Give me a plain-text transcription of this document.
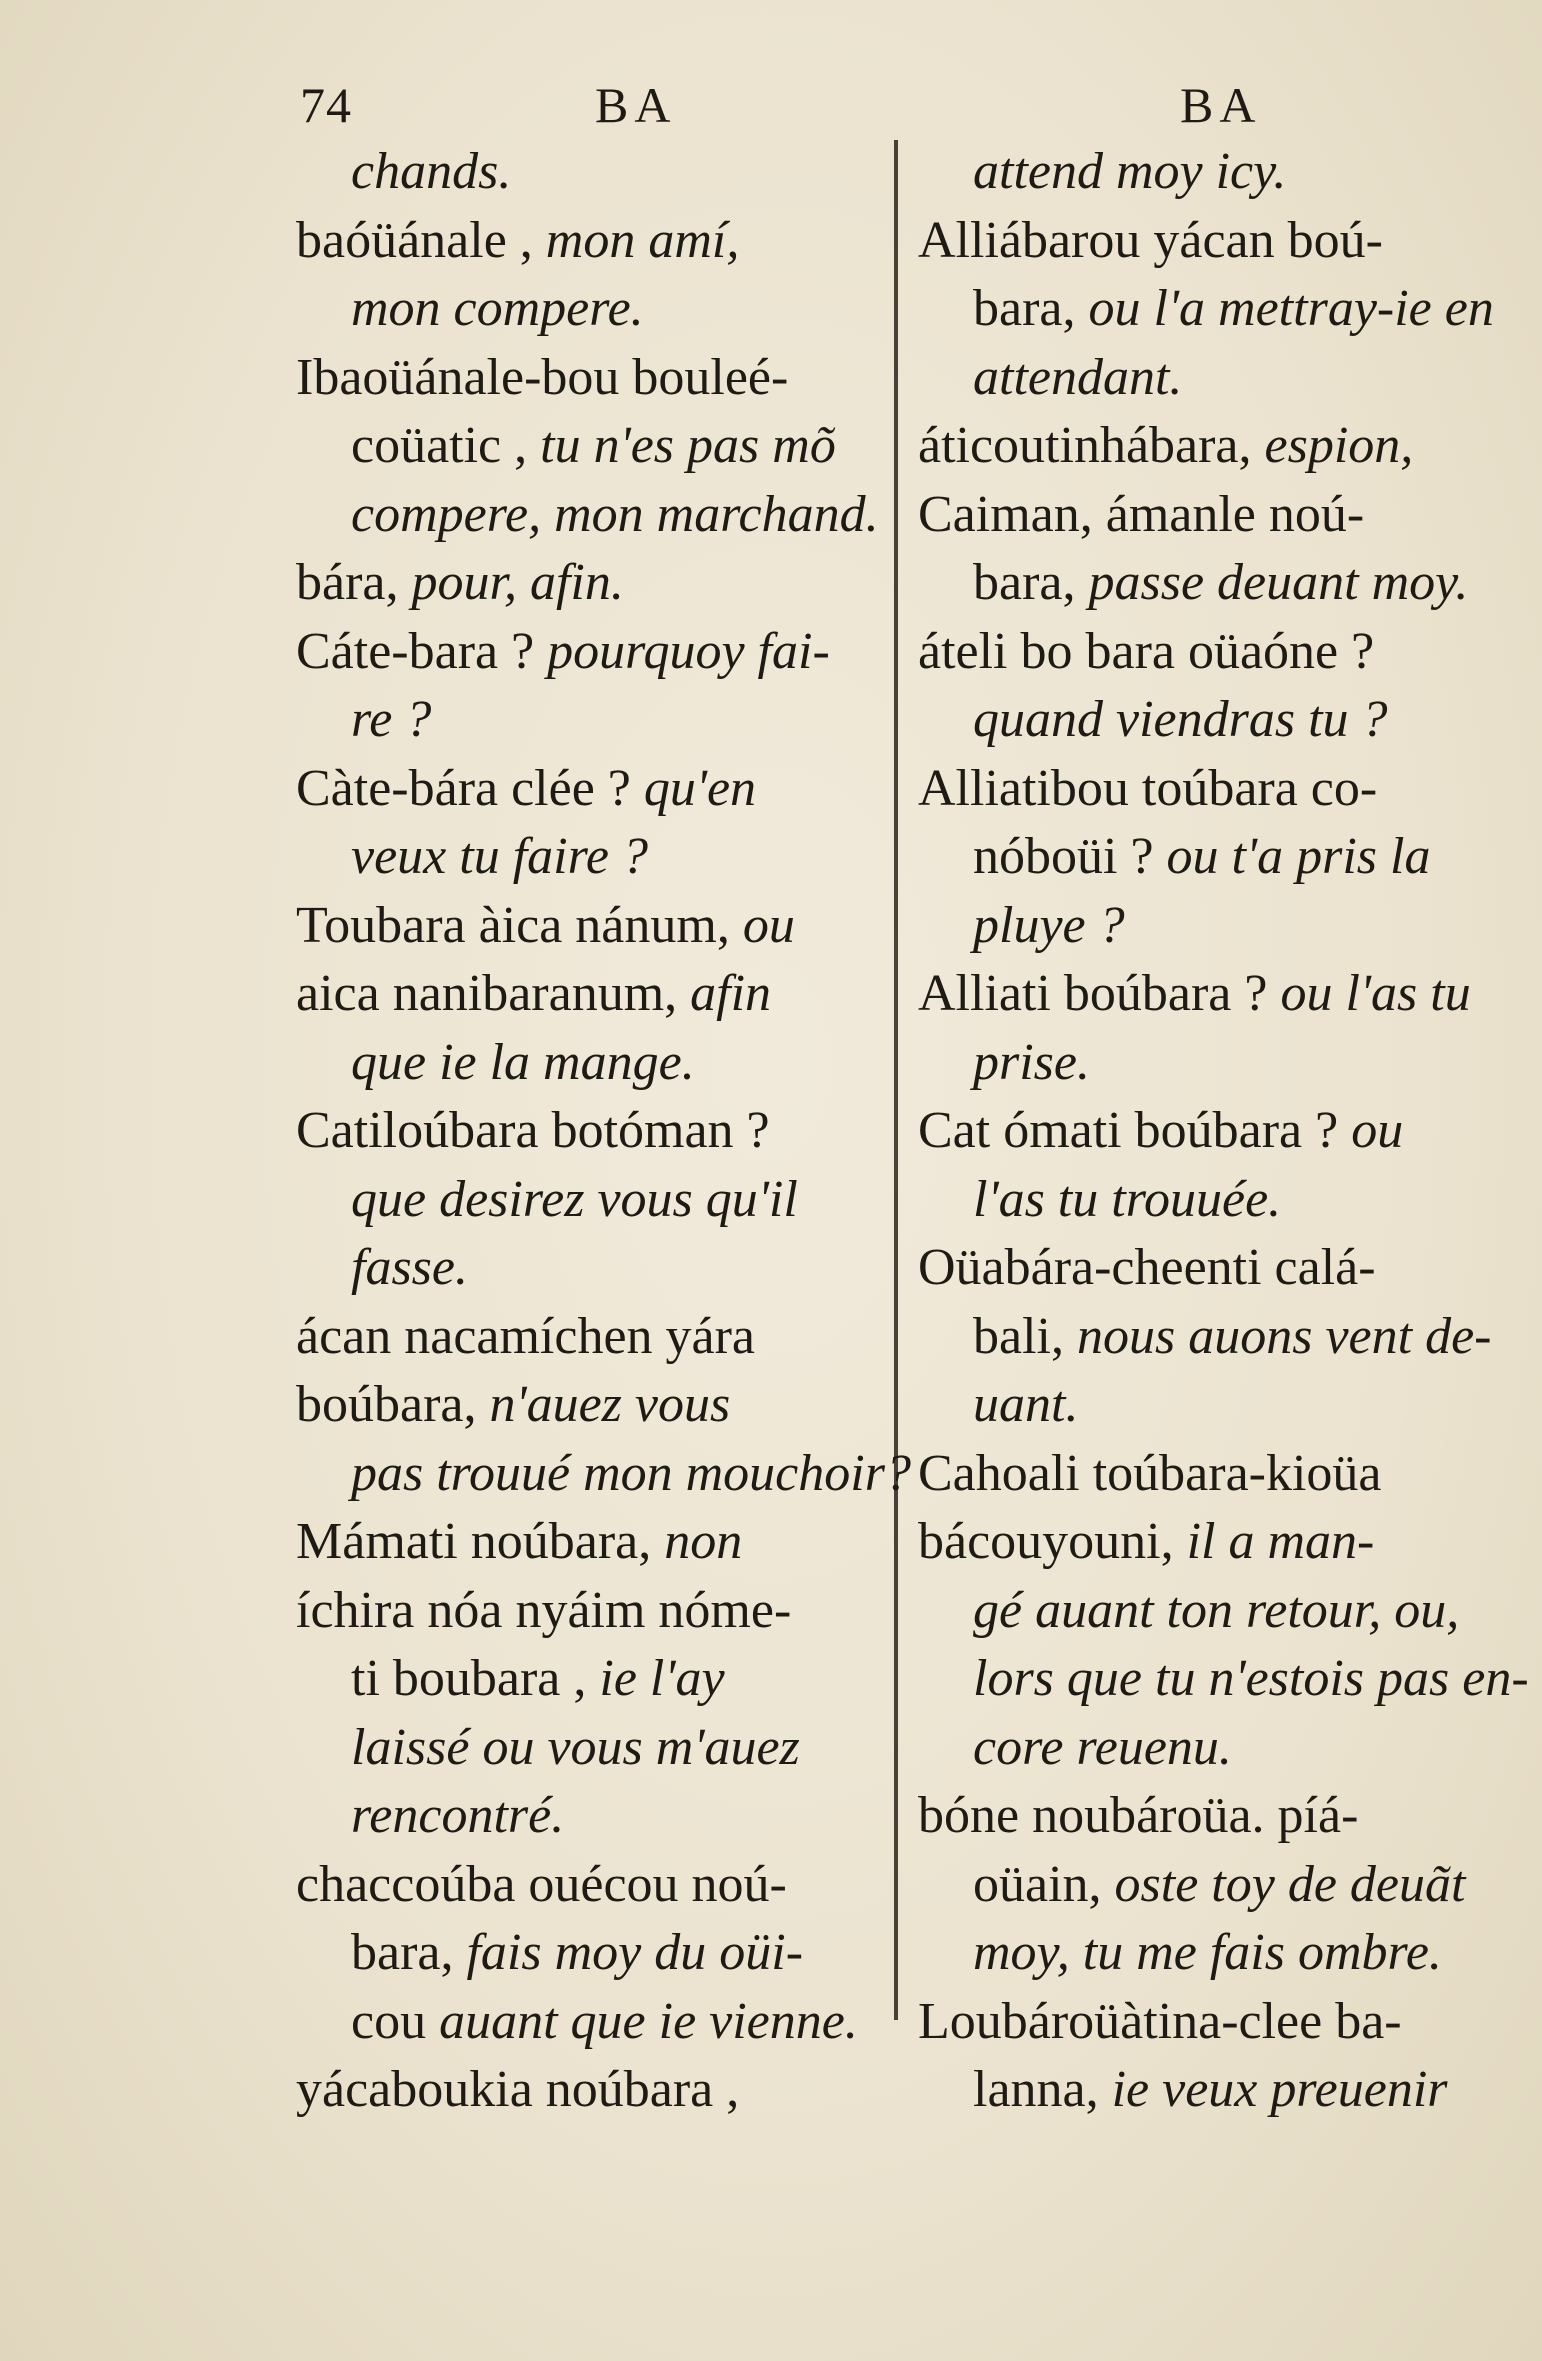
74	BA	BA
chands.
baóüánale , mon amí,
mon compere.
Ibaoüánale-bou bouleé-
coüatic , tu n'es pas mõ
compere, mon marchand.
bára, pour, afin.
Cáte-bara ? pourquoy fai-
re ?
Càte-bára clée ? qu'en
veux tu faire ?
Toubara àica nánum, ou
aica nanibaranum, afin
que ie la mange.
Catiloúbara botóman ?
que desirez vous qu'il
fasse.
ácan nacamíchen yára
boúbara, n'auez vous
pas trouué mon mouchoir?
Mámati noúbara, non
íchira nóa nyáim nóme-
ti boubara , ie l'ay
laissé ou vous m'auez
rencontré.
chaccoúba ouécou noú-
bara, fais moy du oüi-
cou auant que ie vienne.
yácaboukia noúbara ,
attend moy icy.
Alliábarou yácan boú-
bara, ou l'a mettray-ie en
attendant.
áticoutinhábara, espion,
Caiman, ámanle noú-
bara, passe deuant moy.
áteli bo bara oüaóne ?
quand viendras tu ?
Alliatibou toúbara co-
nóboüi ? ou t'a pris la
pluye ?
Alliati boúbara ? ou l'as tu
prise.
Cat ómati boúbara ? ou
l'as tu trouuée.
Oüabára-cheenti calá-
bali, nous auons vent de-
uant.
Cahoali toúbara-kioüa
bácouyouni, il a man-
gé auant ton retour, ou,
lors que tu n'estois pas en-
core reuenu.
bóne noubároüa. píá-
oüain, oste toy de deuãt
moy, tu me fais ombre.
Loubároüàtina-clee ba-
lanna, ie veux preuenir
